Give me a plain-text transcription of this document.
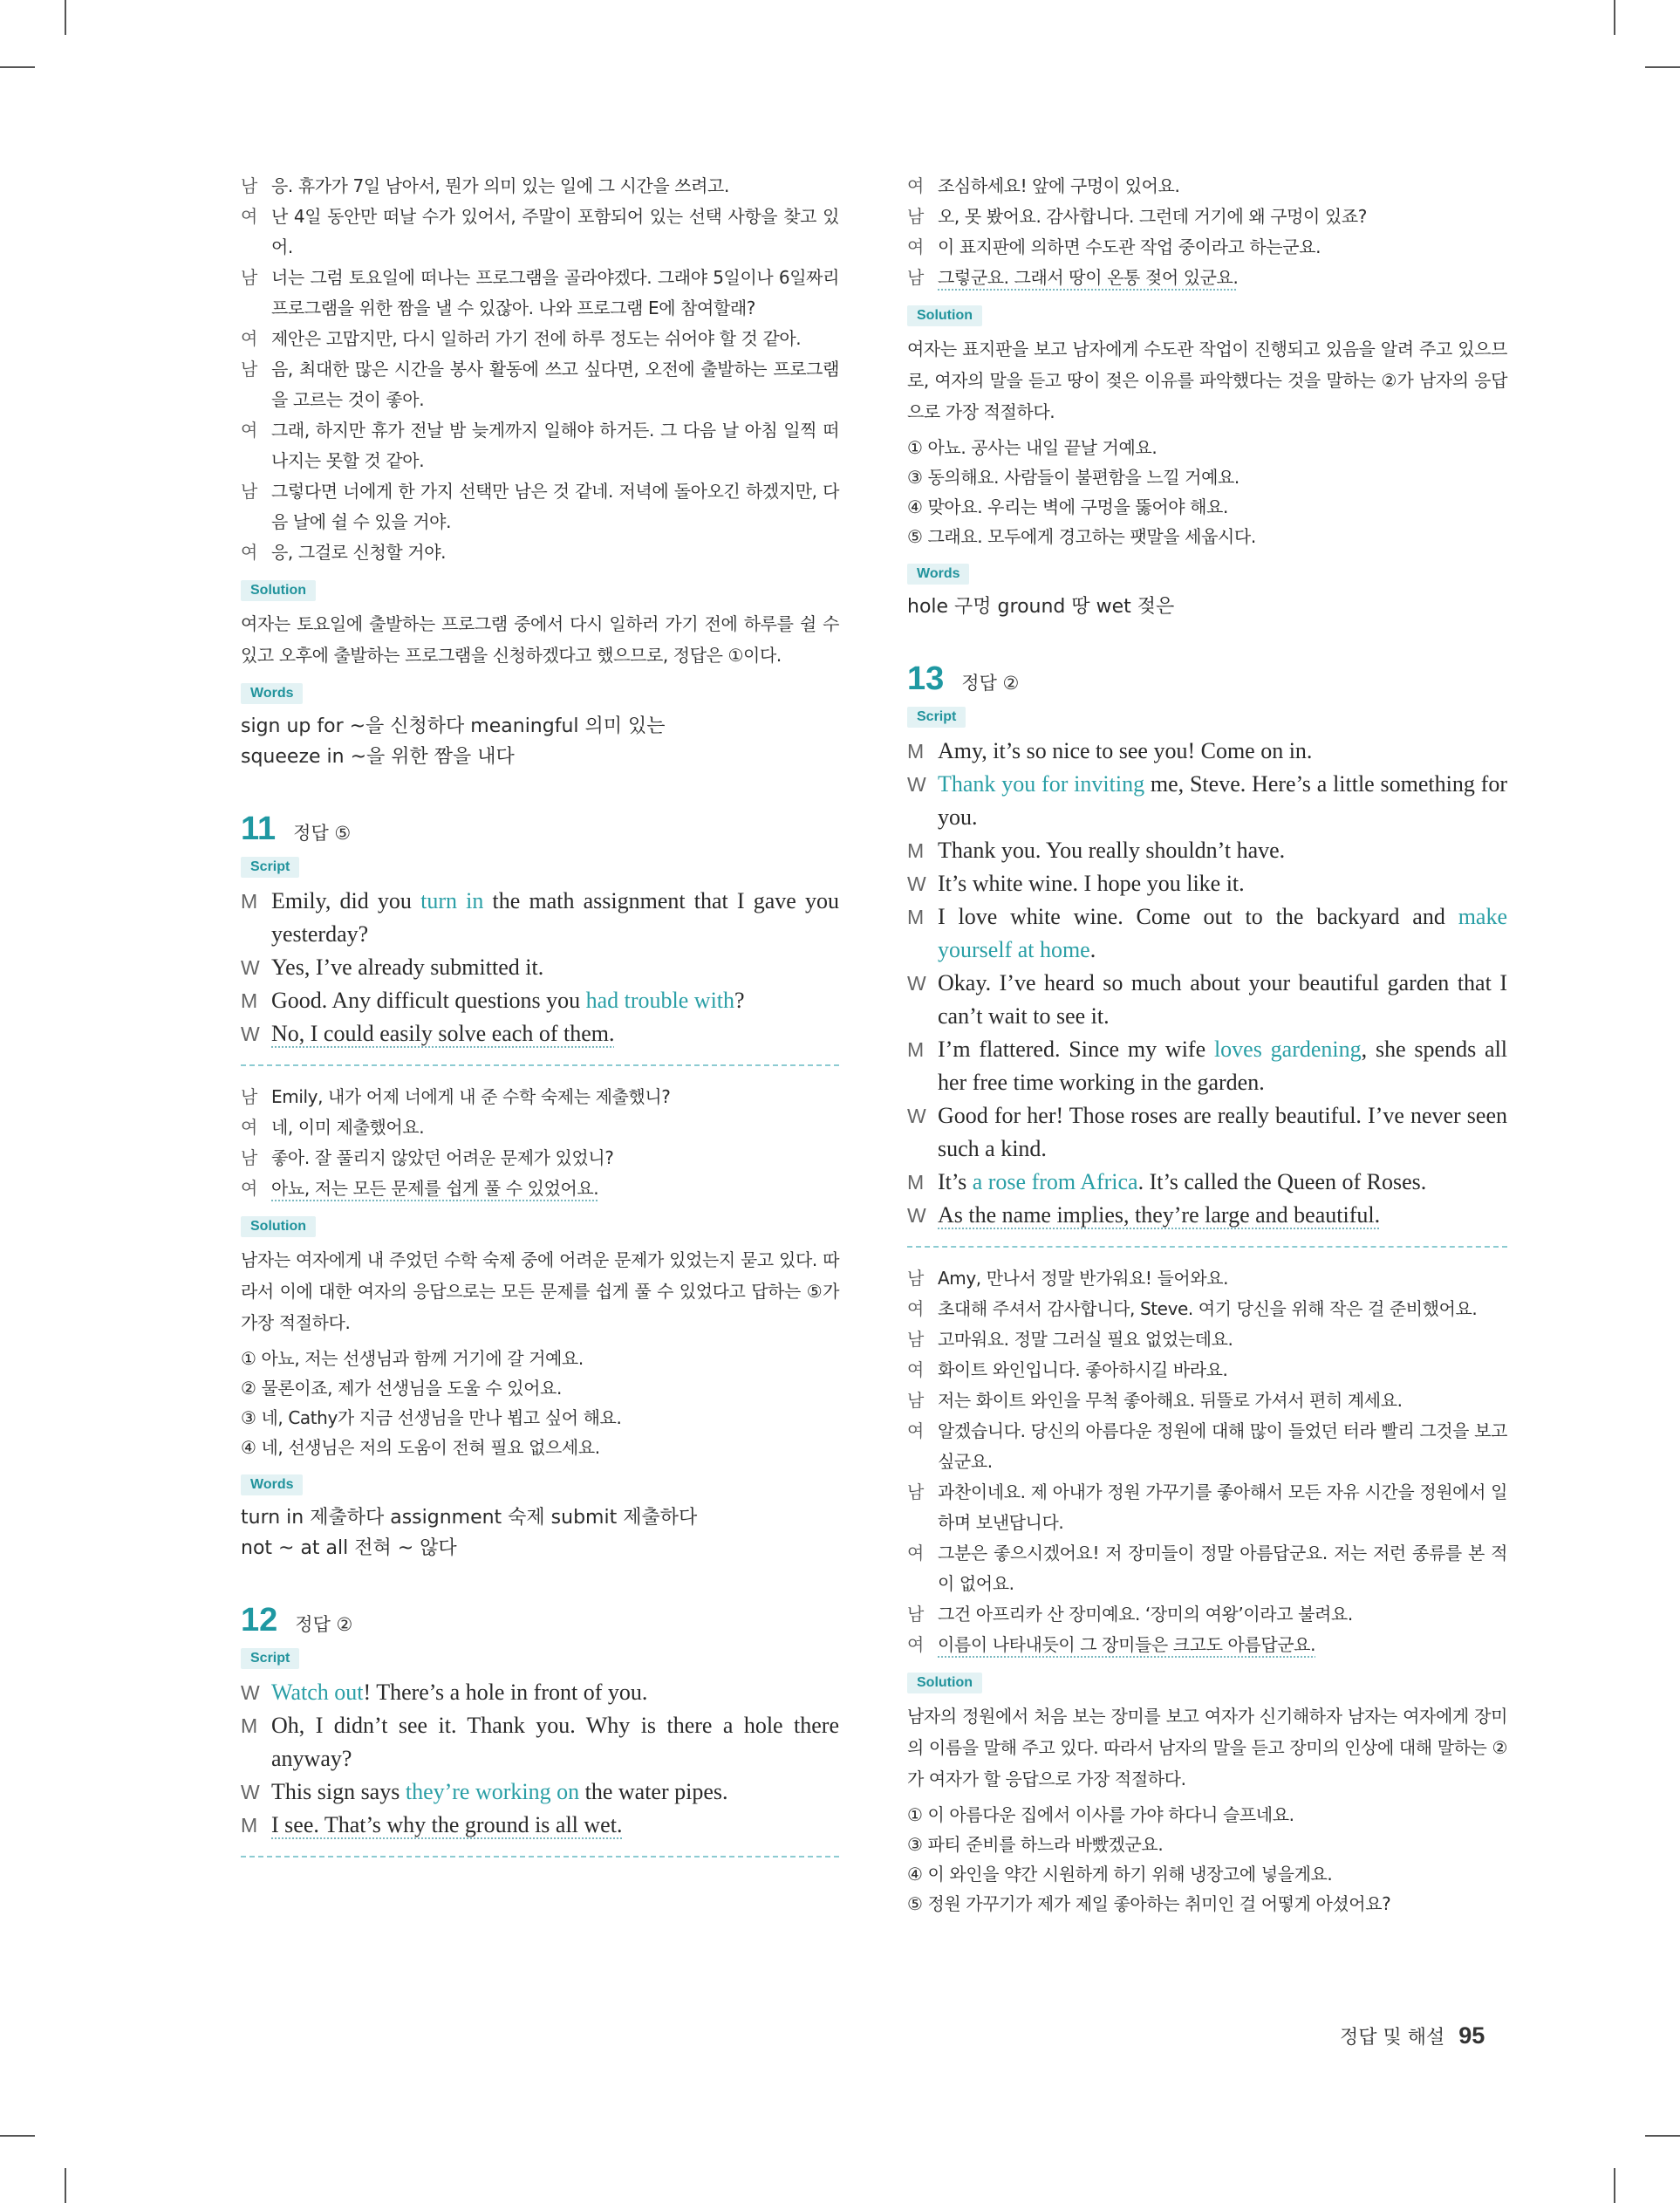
남 응. 휴가가 7일 남아서, 뭔가 의미 있는 일에 그 시간을 쓰려고.
여 난 4일 동안만 떠날 수가 있어서, 주말이 포함되어 있는 선택 사항을 찾고 있어.
남 너는 그럼 토요일에 떠나는 프로그램을 골라야겠다. 그래야 5일이나 6일짜리 프로그램을 위한 짬을 낼 수 있잖아. 나와 프로그램 E에 참여할래?
여 제안은 고맙지만, 다시 일하러 가기 전에 하루 정도는 쉬어야 할 것 같아.
남 음, 최대한 많은 시간을 봉사 활동에 쓰고 싶다면, 오전에 출발하는 프로그램을 고르는 것이 좋아.
여 그래, 하지만 휴가 전날 밤 늦게까지 일해야 하거든. 그 다음 날 아침 일찍 떠나지는 못할 것 같아.
남 그렇다면 너에게 한 가지 선택만 남은 것 같네. 저녁에 돌아오긴 하겠지만, 다음 날에 쉴 수 있을 거야.
여 응, 그걸로 신청할 거야.
Solution
여자는 토요일에 출발하는 프로그램 중에서 다시 일하러 가기 전에 하루를 쉴 수 있고 오후에 출발하는 프로그램을 신청하겠다고 했으므로, 정답은 ①이다.
Words
sign up for ~을 신청하다 meaningful 의미 있는
squeeze in ~을 위한 짬을 내다
11 정답 ⑤
Script
M Emily, did you turn in the math assignment that I gave you yesterday?
W Yes, I’ve already submitted it.
M Good. Any difficult questions you had trouble with?
W No, I could easily solve each of them.
남 Emily, 내가 어제 너에게 내 준 수학 숙제는 제출했니?
여 네, 이미 제출했어요.
남 좋아. 잘 풀리지 않았던 어려운 문제가 있었니?
여 아뇨, 저는 모든 문제를 쉽게 풀 수 있었어요.
Solution
남자는 여자에게 내 주었던 수학 숙제 중에 어려운 문제가 있었는지 묻고 있다. 따라서 이에 대한 여자의 응답으로는 모든 문제를 쉽게 풀 수 있었다고 답하는 ⑤가 가장 적절하다.
① 아뇨, 저는 선생님과 함께 거기에 갈 거예요.
② 물론이죠, 제가 선생님을 도울 수 있어요.
③ 네, Cathy가 지금 선생님을 만나 뵙고 싶어 해요.
④ 네, 선생님은 저의 도움이 전혀 필요 없으세요.
Words
turn in 제출하다 assignment 숙제 submit 제출하다
not ~ at all 전혀 ~ 않다
12 정답 ②
Script
W Watch out! There’s a hole in front of you.
M Oh, I didn’t see it. Thank you. Why is there a hole there anyway?
W This sign says they’re working on the water pipes.
M I see. That’s why the ground is all wet.
여 조심하세요! 앞에 구멍이 있어요.
남 오, 못 봤어요. 감사합니다. 그런데 거기에 왜 구멍이 있죠?
여 이 표지판에 의하면 수도관 작업 중이라고 하는군요.
남 그렇군요. 그래서 땅이 온통 젖어 있군요.
Solution
여자는 표지판을 보고 남자에게 수도관 작업이 진행되고 있음을 알려 주고 있으므로, 여자의 말을 듣고 땅이 젖은 이유를 파악했다는 것을 말하는 ②가 남자의 응답으로 가장 적절하다.
① 아뇨. 공사는 내일 끝날 거예요.
③ 동의해요. 사람들이 불편함을 느낄 거예요.
④ 맞아요. 우리는 벽에 구멍을 뚫어야 해요.
⑤ 그래요. 모두에게 경고하는 팻말을 세웁시다.
Words
hole 구멍 ground 땅 wet 젖은
13 정답 ②
Script
M Amy, it’s so nice to see you! Come on in.
W Thank you for inviting me, Steve. Here’s a little something for you.
M Thank you. You really shouldn’t have.
W It’s white wine. I hope you like it.
M I love white wine. Come out to the backyard and make yourself at home.
W Okay. I’ve heard so much about your beautiful garden that I can’t wait to see it.
M I’m flattered. Since my wife loves gardening, she spends all her free time working in the garden.
W Good for her! Those roses are really beautiful. I’ve never seen such a kind.
M It’s a rose from Africa. It’s called the Queen of Roses.
W As the name implies, they’re large and beautiful.
남 Amy, 만나서 정말 반가워요! 들어와요.
여 초대해 주셔서 감사합니다, Steve. 여기 당신을 위해 작은 걸 준비했어요.
남 고마워요. 정말 그러실 필요 없었는데요.
여 화이트 와인입니다. 좋아하시길 바라요.
남 저는 화이트 와인을 무척 좋아해요. 뒤뜰로 가셔서 편히 계세요.
여 알겠습니다. 당신의 아름다운 정원에 대해 많이 들었던 터라 빨리 그것을 보고 싶군요.
남 과찬이네요. 제 아내가 정원 가꾸기를 좋아해서 모든 자유 시간을 정원에서 일하며 보낸답니다.
여 그분은 좋으시겠어요! 저 장미들이 정말 아름답군요. 저는 저런 종류를 본 적이 없어요.
남 그건 아프리카 산 장미예요. ‘장미의 여왕’이라고 불려요.
여 이름이 나타내듯이 그 장미들은 크고도 아름답군요.
Solution
남자의 정원에서 처음 보는 장미를 보고 여자가 신기해하자 남자는 여자에게 장미의 이름을 말해 주고 있다. 따라서 남자의 말을 듣고 장미의 인상에 대해 말하는 ②가 여자가 할 응답으로 가장 적절하다.
① 이 아름다운 집에서 이사를 가야 하다니 슬프네요.
③ 파티 준비를 하느라 바빴겠군요.
④ 이 와인을 약간 시원하게 하기 위해 냉장고에 넣을게요.
⑤ 정원 가꾸기가 제가 제일 좋아하는 취미인 걸 어떻게 아셨어요?
정답 및 해설 95
